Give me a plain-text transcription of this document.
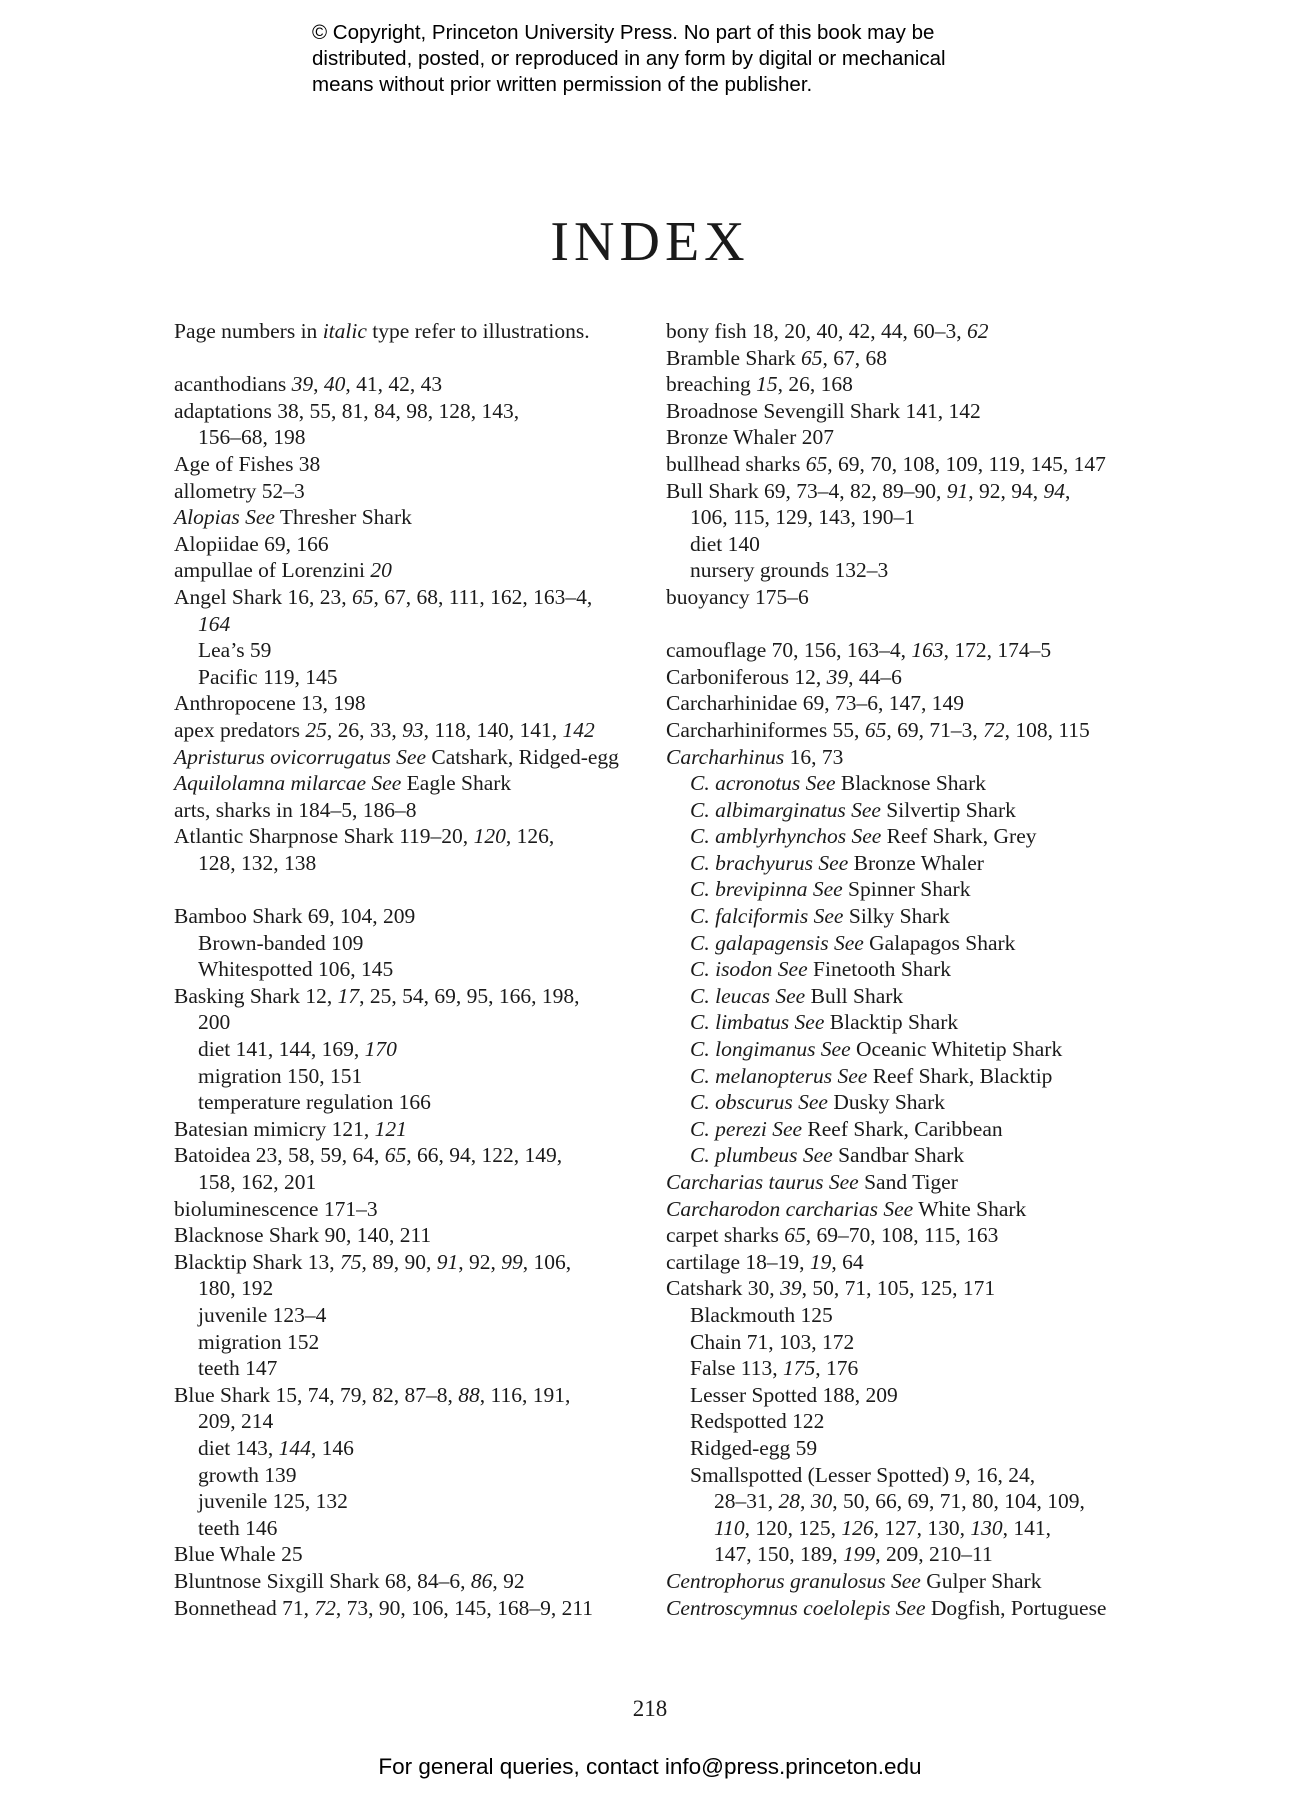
© Copyright, Princeton University Press. No part of this book may be
distributed, posted, or reproduced in any form by digital or mechanical
means without prior written permission of the publisher.
INDEX
Page numbers in italic type refer to illustrations.
acanthodians 39, 40, 41, 42, 43
adaptations 38, 55, 81, 84, 98, 128, 143,
156–68, 198
Age of Fishes 38
allometry 52–3
Alopias See Thresher Shark
Alopiidae 69, 166
ampullae of Lorenzini 20
Angel Shark 16, 23, 65, 67, 68, 111, 162, 163–4,
164
Lea’s 59
Pacific 119, 145
Anthropocene 13, 198
apex predators 25, 26, 33, 93, 118, 140, 141, 142
Apristurus ovicorrugatus See Catshark, Ridged-egg
Aquilolamna milarcae See Eagle Shark
arts, sharks in 184–5, 186–8
Atlantic Sharpnose Shark 119–20, 120, 126,
128, 132, 138
Bamboo Shark 69, 104, 209
Brown-banded 109
Whitespotted 106, 145
Basking Shark 12, 17, 25, 54, 69, 95, 166, 198,
200
diet 141, 144, 169, 170
migration 150, 151
temperature regulation 166
Batesian mimicry 121, 121
Batoidea 23, 58, 59, 64, 65, 66, 94, 122, 149,
158, 162, 201
bioluminescence 171–3
Blacknose Shark 90, 140, 211
Blacktip Shark 13, 75, 89, 90, 91, 92, 99, 106,
180, 192
juvenile 123–4
migration 152
teeth 147
Blue Shark 15, 74, 79, 82, 87–8, 88, 116, 191,
209, 214
diet 143, 144, 146
growth 139
juvenile 125, 132
teeth 146
Blue Whale 25
Bluntnose Sixgill Shark 68, 84–6, 86, 92
Bonnethead 71, 72, 73, 90, 106, 145, 168–9, 211
bony fish 18, 20, 40, 42, 44, 60–3, 62
Bramble Shark 65, 67, 68
breaching 15, 26, 168
Broadnose Sevengill Shark 141, 142
Bronze Whaler 207
bullhead sharks 65, 69, 70, 108, 109, 119, 145, 147
Bull Shark 69, 73–4, 82, 89–90, 91, 92, 94, 94,
106, 115, 129, 143, 190–1
diet 140
nursery grounds 132–3
buoyancy 175–6
camouflage 70, 156, 163–4, 163, 172, 174–5
Carboniferous 12, 39, 44–6
Carcharhinidae 69, 73–6, 147, 149
Carcharhiniformes 55, 65, 69, 71–3, 72, 108, 115
Carcharhinus 16, 73
C. acronotus See Blacknose Shark
C. albimarginatus See Silvertip Shark
C. amblyrhynchos See Reef Shark, Grey
C. brachyurus See Bronze Whaler
C. brevipinna See Spinner Shark
C. falciformis See Silky Shark
C. galapagensis See Galapagos Shark
C. isodon See Finetooth Shark
C. leucas See Bull Shark
C. limbatus See Blacktip Shark
C. longimanus See Oceanic Whitetip Shark
C. melanopterus See Reef Shark, Blacktip
C. obscurus See Dusky Shark
C. perezi See Reef Shark, Caribbean
C. plumbeus See Sandbar Shark
Carcharias taurus See Sand Tiger
Carcharodon carcharias See White Shark
carpet sharks 65, 69–70, 108, 115, 163
cartilage 18–19, 19, 64
Catshark 30, 39, 50, 71, 105, 125, 171
Blackmouth 125
Chain 71, 103, 172
False 113, 175, 176
Lesser Spotted 188, 209
Redspotted 122
Ridged-egg 59
Smallspotted (Lesser Spotted) 9, 16, 24,
28–31, 28, 30, 50, 66, 69, 71, 80, 104, 109,
110, 120, 125, 126, 127, 130, 130, 141,
147, 150, 189, 199, 209, 210–11
Centrophorus granulosus See Gulper Shark
Centroscymnus coelolepis See Dogfish, Portuguese
218
For general queries, contact info@press.princeton.edu
